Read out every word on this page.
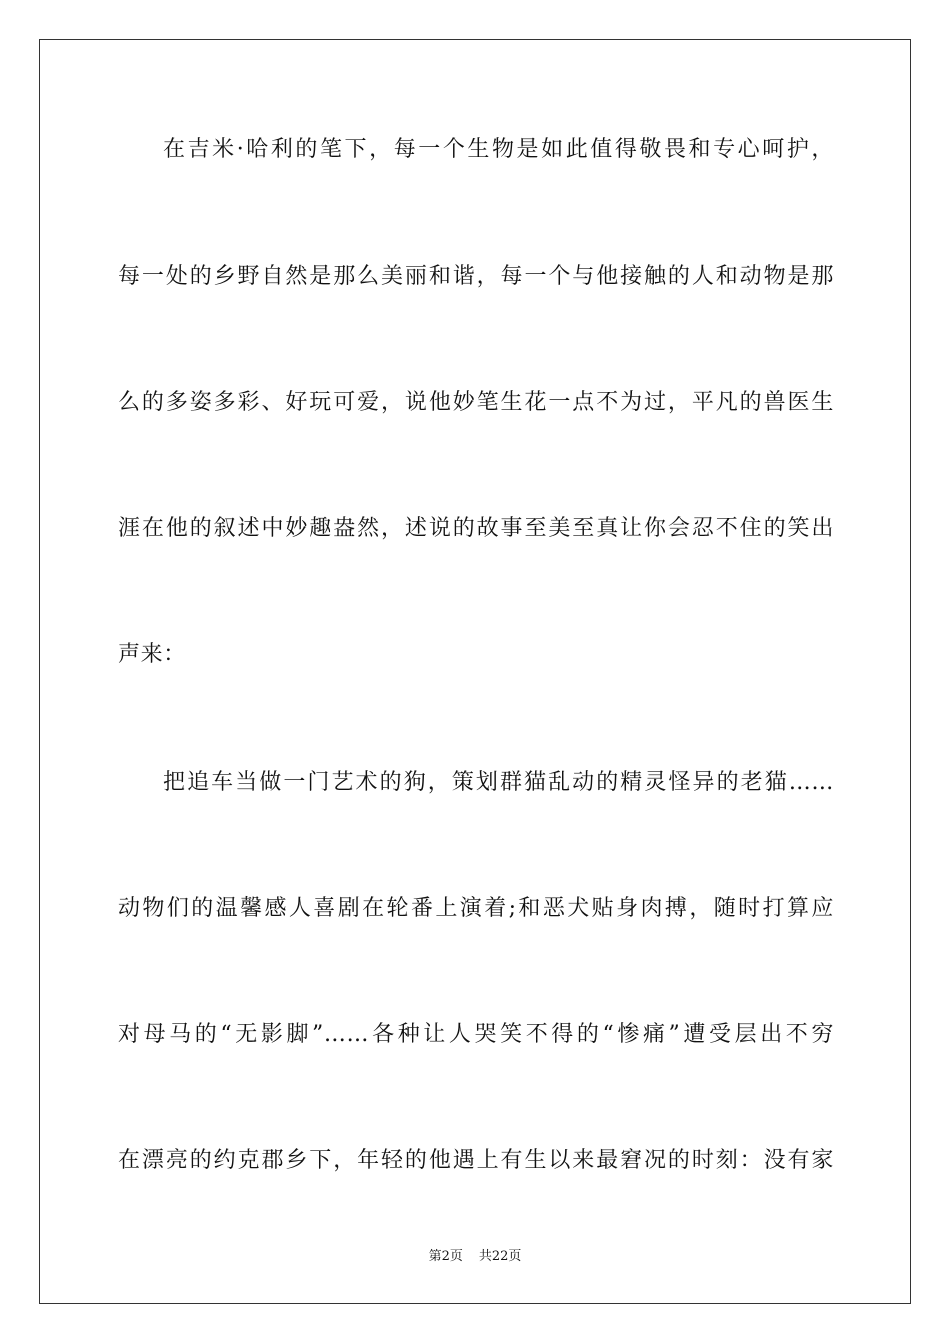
在吉米·哈利的笔下，每一个生物是如此值得敬畏和专心呵护，
每一处的乡野自然是那么美丽和谐，每一个与他接触的人和动物是那
么的多姿多彩、好玩可爱，说他妙笔生花一点不为过，平凡的兽医生
涯在他的叙述中妙趣盎然，述说的故事至美至真让你会忍不住的笑出
声来：
把追车当做一门艺术的狗，策划群猫乱动的精灵怪异的老猫……
动物们的温馨感人喜剧在轮番上演着;和恶犬贴身肉搏，随时打算应
对母马的“无影脚”……各种让人哭笑不得的“惨痛”遭受层出不穷
在漂亮的约克郡乡下，年轻的他遇上有生以来最窘况的时刻：没有家
第2页 共22页
